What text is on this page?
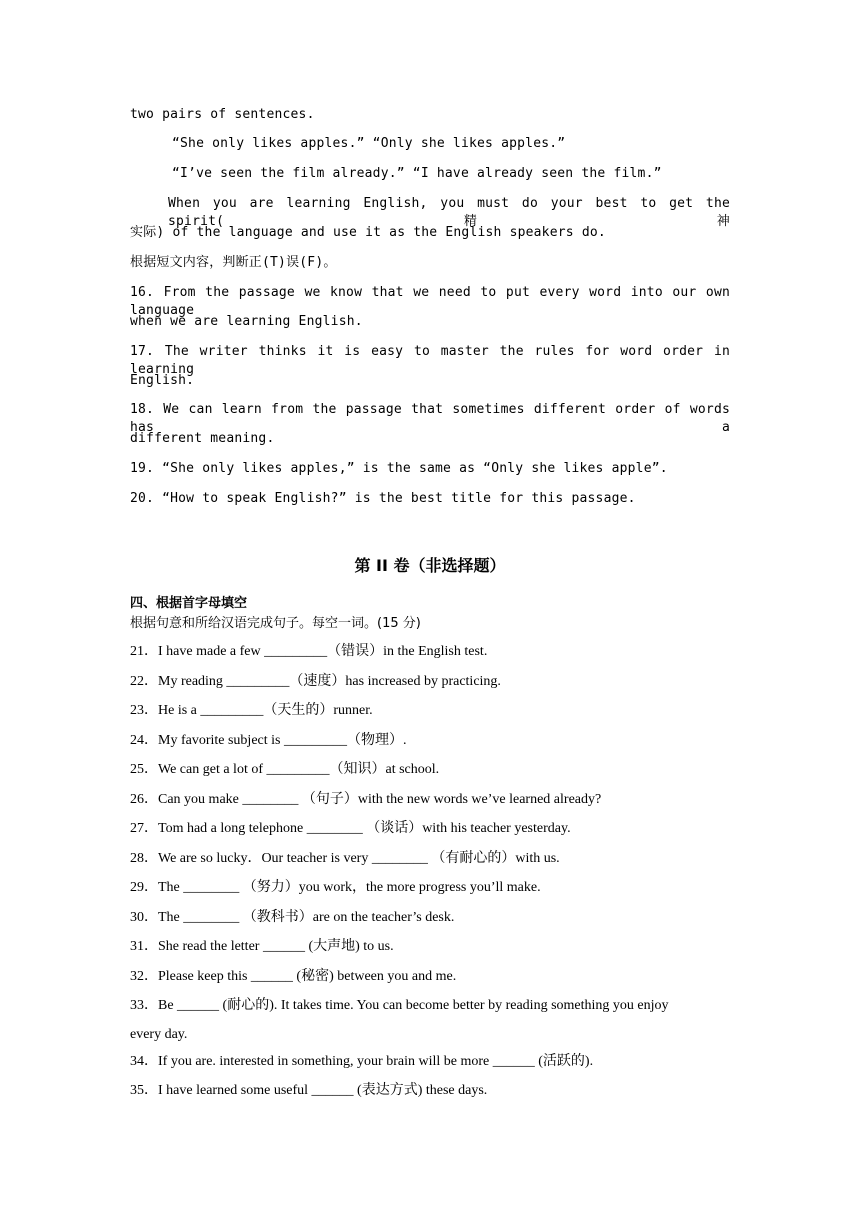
two pairs of sentences.
“She only likes apples.” “Only she likes apples.”
“I’ve seen the film already.” “I have already seen the film.”
When you are learning English, you must do your best to get the spirit(精神
实际) of the language and use it as the English speakers do.
根据短文内容，判断正(T)误(F)。
16. From the passage we know that we need to put every word into our own language
when we are learning English.
17. The writer thinks it is easy to master the rules for word order in learning
English.
18. We can learn from the passage that sometimes different order of words has a
different meaning.
19. “She only likes apples,” is the same as “Only she likes apple”.
20. “How to speak English?” is the best title for this passage.
第 II 卷（非选择题）
四、根据首字母填空
根据句意和所给汉语完成句子。每空一词。(15 分)
21．I have made a few _________（错误）in the English test.
22．My reading _________（速度）has increased by practicing.
23．He is a _________（天生的）runner.
24．My favorite subject is _________（物理）.
25．We can get a lot of _________（知识）at school.
26．Can you make ________ （句子）with the new words we’ve learned already?
27．Tom had a long telephone ________ （谈话）with his teacher yesterday.
28．We are so lucky．Our teacher is very ________ （有耐心的）with us.
29．The ________ （努力）you work，the more progress you’ll make.
30．The ________ （教科书）are on the teacher’s desk.
31．She read the letter ______ (大声地) to us.
32．Please keep this ______ (秘密) between you and me.
33．Be ______ (耐心的). It takes time. You can become better by reading something you enjoy
every day.
34．If you are. interested in something, your brain will be more ______ (活跃的).
35．I have learned some useful ______ (表达方式) these days.
